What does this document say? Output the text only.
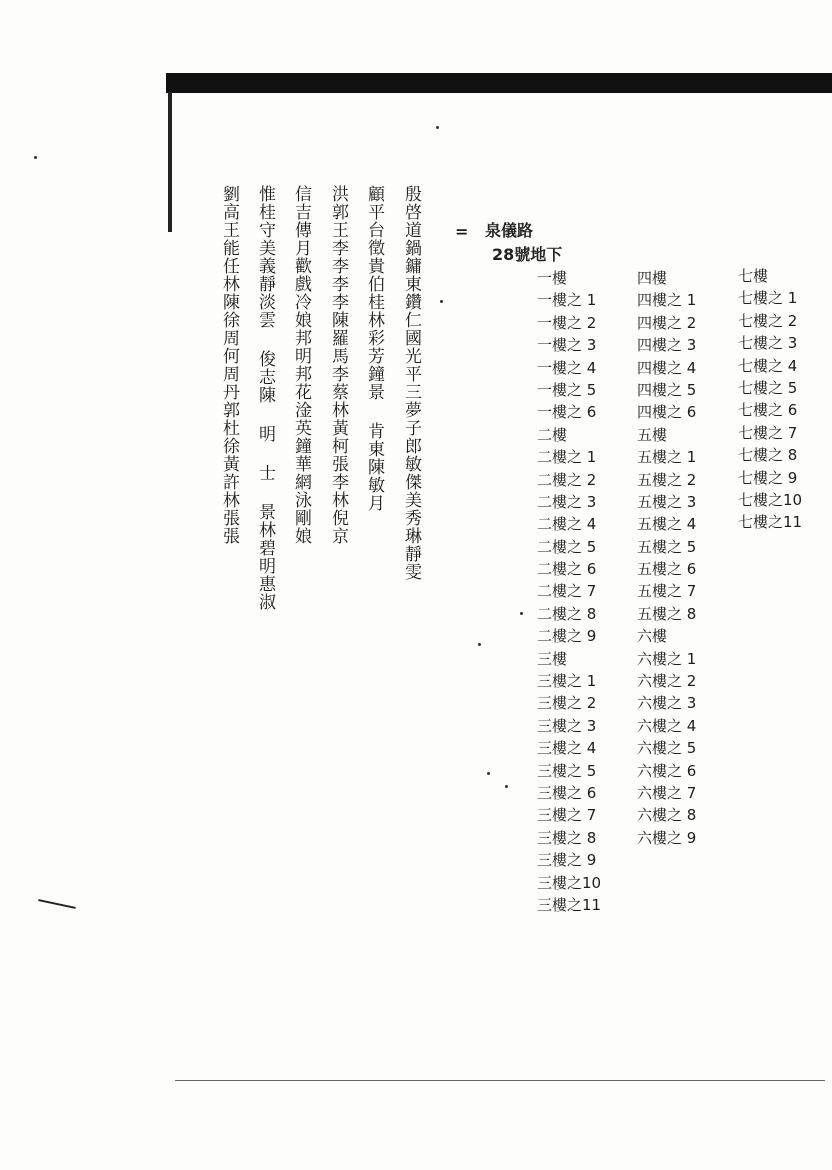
殷啓道鍋鏞東鑽仁國光平三夢子郎敏傑美秀琳靜雯
顧平台徵貴伯桂林彩芳鐘景 肯東陳敏月
洪郭王李李李李陳羅馬李蔡林黃柯張李林倪京
信吉傳月歡戲冷娘邦明邦花淦英鐘華網泳剛娘
惟桂守美義靜淡雲 俊志陳 明 士 景林碧明惠淑
劉高王能任林陳徐周何周丹郭杜徐黃許林張張	= 泉儀路
28號地下
一樓
一樓之 1
一樓之 2
一樓之 3
一樓之 4
一樓之 5
一樓之 6
二樓
二樓之 1
二樓之 2
二樓之 3
二樓之 4
二樓之 5
二樓之 6
二樓之 7
二樓之 8
二樓之 9
三樓
三樓之 1
三樓之 2
三樓之 3
三樓之 4
三樓之 5
三樓之 6
三樓之 7
三樓之 8
三樓之 9
三樓之10
三樓之11
四樓
四樓之 1
四樓之 2
四樓之 3
四樓之 4
四樓之 5
四樓之 6
五樓
五樓之 1
五樓之 2
五樓之 3
五樓之 4
五樓之 5
五樓之 6
五樓之 7
五樓之 8
六樓
六樓之 1
六樓之 2
六樓之 3
六樓之 4
六樓之 5
六樓之 6
六樓之 7
六樓之 8
六樓之 9
七樓
七樓之 1
七樓之 2
七樓之 3
七樓之 4
七樓之 5
七樓之 6
七樓之 7
七樓之 8
七樓之 9
七樓之10
七樓之11
